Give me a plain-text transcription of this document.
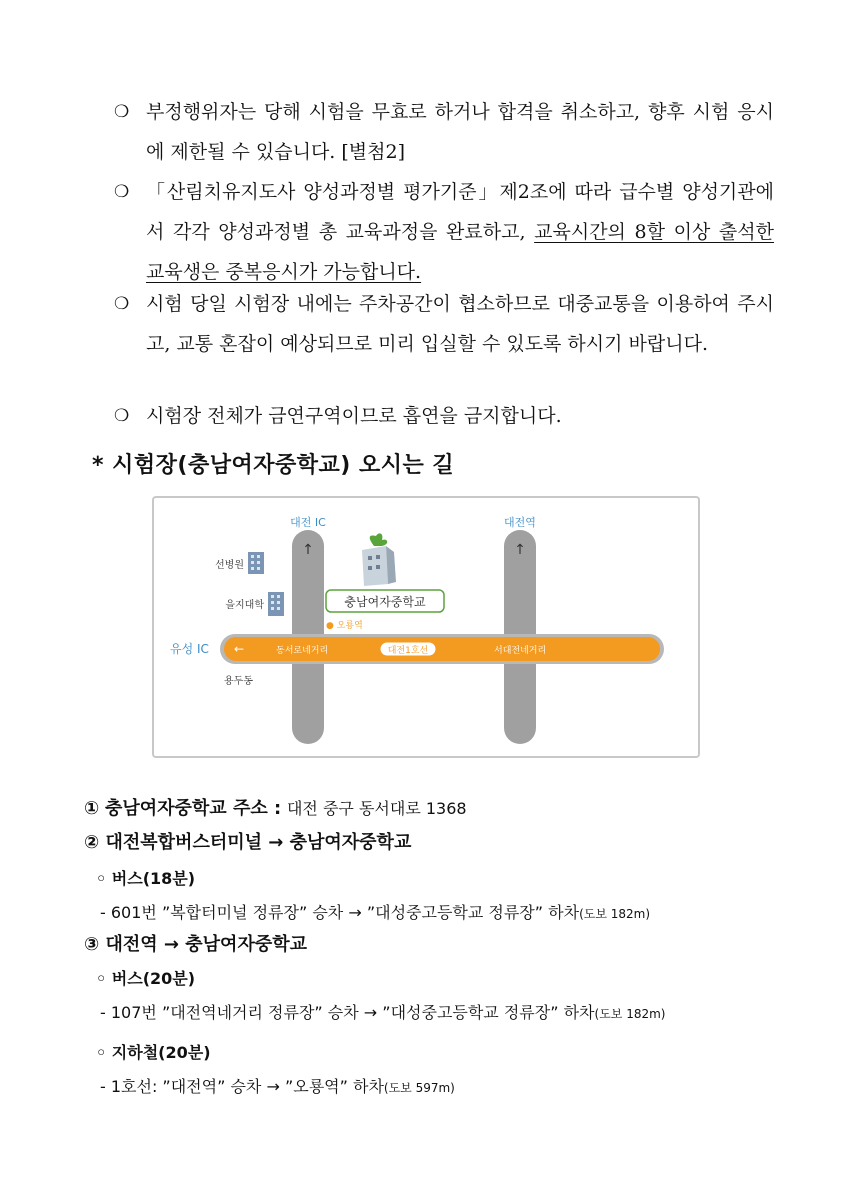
❍ 부정행위자는 당해 시험을 무효로 하거나 합격을 취소하고, 향후 시험 응시에 제한될 수 있습니다. [별첨2]
❍ 「산림치유지도사 양성과정별 평가기준」제2조에 따라 급수별 양성기관에서 각각 양성과정별 총 교육과정을 완료하고, 교육시간의 8할 이상 출석한 교육생은 중복응시가 가능합니다.
❍ 시험 당일 시험장 내에는 주차공간이 협소하므로 대중교통을 이용하여 주시고, 교통 혼잡이 예상되므로 미리 입실할 수 있도록 하시기 바랍니다.
❍ 시험장 전체가 금연구역이므로 흡연을 금지합니다.
* 시험장(충남여자중학교) 오시는 길
↑	↑
대전 IC	대전역
선병원
을지대학	충남여자중학교
● 오룡역
유성 IC ←	동서로네거리	대전1호선	서대전네거리
용두동
① 충남여자중학교 주소 : 대전 중구 동서대로 1368
② 대전복합버스터미널 → 충남여자중학교
◦ 버스(18분)
- 601번 ”복합터미널 정류장” 승차 → ”대성중고등학교 정류장” 하차(도보 182m)
③ 대전역 → 충남여자중학교
◦ 버스(20분)
- 107번 ”대전역네거리 정류장” 승차 → ”대성중고등학교 정류장” 하차(도보 182m)
◦ 지하철(20분)
- 1호선: ”대전역” 승차 → ”오룡역” 하차(도보 597m)
